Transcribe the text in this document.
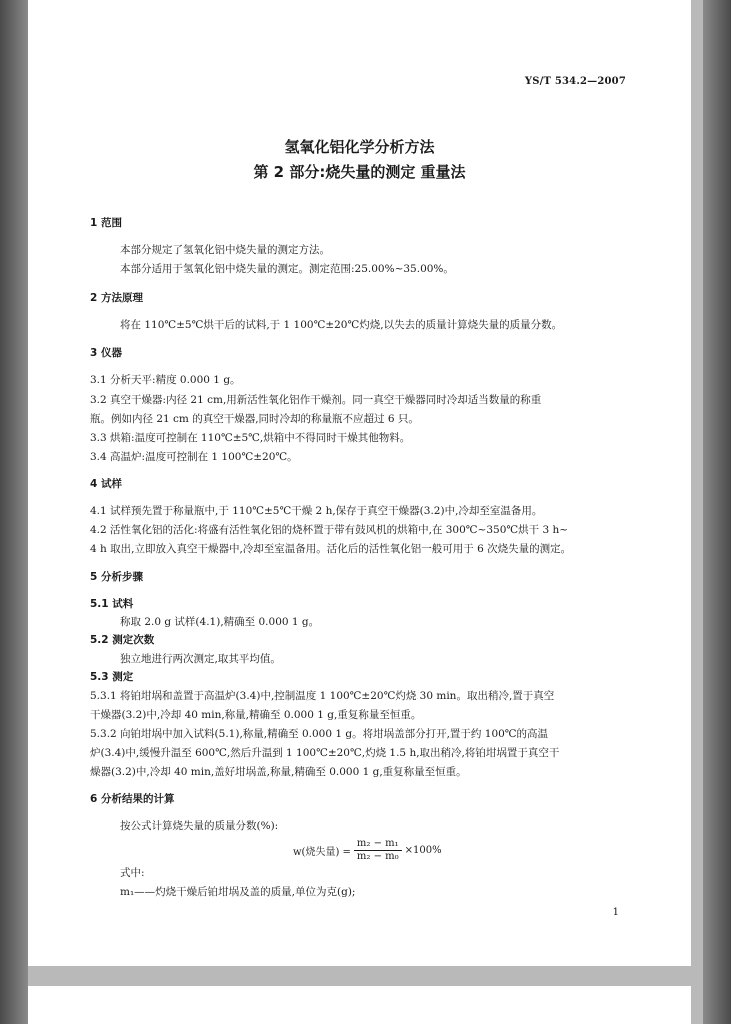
YS/T 534.2—2007
氢氧化铝化学分析方法
第 2 部分:烧失量的测定 重量法
1 范围
本部分规定了氢氧化铝中烧失量的测定方法。
本部分适用于氢氧化铝中烧失量的测定。测定范围:25.00%~35.00%。
2 方法原理
将在 110℃±5℃烘干后的试料,于 1 100℃±20℃灼烧,以失去的质量计算烧失量的质量分数。
3 仪器
3.1 分析天平:精度 0.000 1 g。
3.2 真空干燥器:内径 21 cm,用新活性氧化铝作干燥剂。同一真空干燥器同时冷却适当数量的称重
瓶。例如内径 21 cm 的真空干燥器,同时冷却的称量瓶不应超过 6 只。
3.3 烘箱:温度可控制在 110℃±5℃,烘箱中不得同时干燥其他物料。
3.4 高温炉:温度可控制在 1 100℃±20℃。
4 试样
4.1 试样预先置于称量瓶中,于 110℃±5℃干燥 2 h,保存于真空干燥器(3.2)中,冷却至室温备用。
4.2 活性氧化铝的活化:将盛有活性氧化铝的烧杯置于带有鼓风机的烘箱中,在 300℃~350℃烘干 3 h~
4 h 取出,立即放入真空干燥器中,冷却至室温备用。活化后的活性氧化铝一般可用于 6 次烧失量的测定。
5 分析步骤
5.1 试料
称取 2.0 g 试样(4.1),精确至 0.000 1 g。
5.2 测定次数
独立地进行两次测定,取其平均值。
5.3 测定
5.3.1 将铂坩埚和盖置于高温炉(3.4)中,控制温度 1 100℃±20℃灼烧 30 min。取出稍冷,置于真空
干燥器(3.2)中,冷却 40 min,称量,精确至 0.000 1 g,重复称量至恒重。
5.3.2 向铂坩埚中加入试料(5.1),称量,精确至 0.000 1 g。将坩埚盖部分打开,置于约 100℃的高温
炉(3.4)中,缓慢升温至 600℃,然后升温到 1 100℃±20℃,灼烧 1.5 h,取出稍冷,将铂坩埚置于真空干
燥器(3.2)中,冷却 40 min,盖好坩埚盖,称量,精确至 0.000 1 g,重复称量至恒重。
6 分析结果的计算
按公式计算烧失量的质量分数(%):
w(烧失量) = $\frac{\text{m₂ − m₁}}{\text{m₂ − m₀}} \times 100\%$
式中:
m₁——灼烧干燥后铂坩埚及盖的质量,单位为克(g);
1
